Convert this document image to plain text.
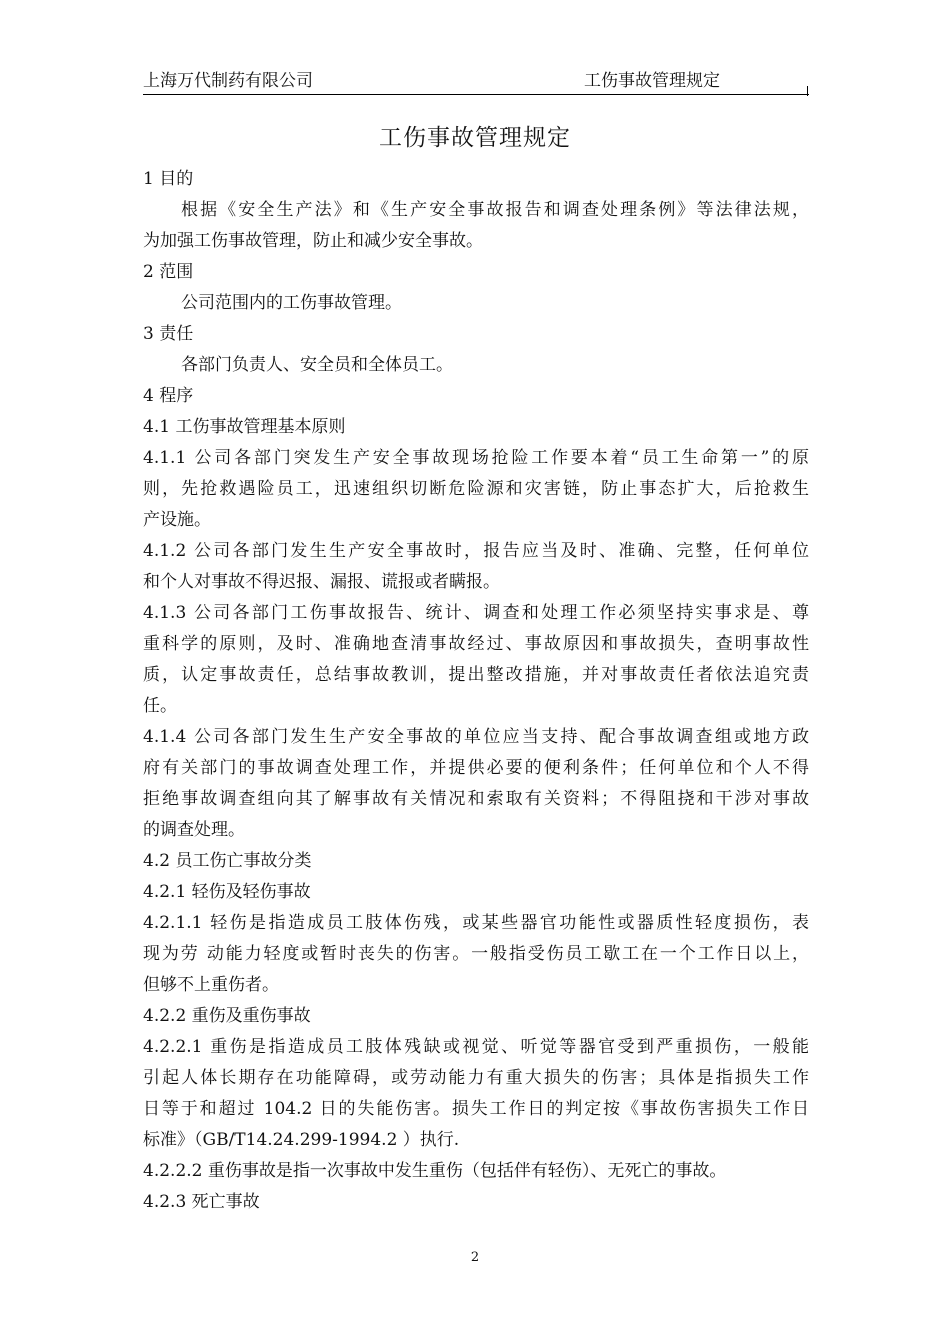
上海万代制药有限公司	工伤事故管理规定
工伤事故管理规定
1 目的
根据《安全生产法》和《生产安全事故报告和调查处理条例》等法律法规，
为加强工伤事故管理，防止和减少安全事故。
2 范围
公司范围内的工伤事故管理。
3 责任
各部门负责人、安全员和全体员工。
4 程序
4.1 工伤事故管理基本原则
4.1.1 公司各部门突发生产安全事故现场抢险工作要本着“员工生命第一”的原
则，先抢救遇险员工，迅速组织切断危险源和灾害链，防止事态扩大，后抢救生
产设施。
4.1.2 公司各部门发生生产安全事故时，报告应当及时、准确、完整，任何单位
和个人对事故不得迟报、漏报、谎报或者瞒报。
4.1.3 公司各部门工伤事故报告、统计、调查和处理工作必须坚持实事求是、尊
重科学的原则，及时、准确地查清事故经过、事故原因和事故损失，查明事故性
质，认定事故责任，总结事故教训，提出整改措施，并对事故责任者依法追究责
任。
4.1.4 公司各部门发生生产安全事故的单位应当支持、配合事故调查组或地方政
府有关部门的事故调查处理工作，并提供必要的便利条件；任何单位和个人不得
拒绝事故调查组向其了解事故有关情况和索取有关资料；不得阻挠和干涉对事故
的调查处理。
4.2 员工伤亡事故分类
4.2.1 轻伤及轻伤事故
4.2.1.1 轻伤是指造成员工肢体伤残，或某些器官功能性或器质性轻度损伤，表
现为劳 动能力轻度或暂时丧失的伤害。一般指受伤员工歇工在一个工作日以上，
但够不上重伤者。
4.2.2 重伤及重伤事故
4.2.2.1 重伤是指造成员工肢体残缺或视觉、听觉等器官受到严重损伤，一般能
引起人体长期存在功能障碍，或劳动能力有重大损失的伤害；具体是指损失工作
日等于和超过 104.2 日的失能伤害。损失工作日的判定按《事故伤害损失工作日
标准》（GB/T14.24.299-1994.2 ）执行.
4.2.2.2 重伤事故是指一次事故中发生重伤（包括伴有轻伤）、无死亡的事故。
4.2.3 死亡事故
2
